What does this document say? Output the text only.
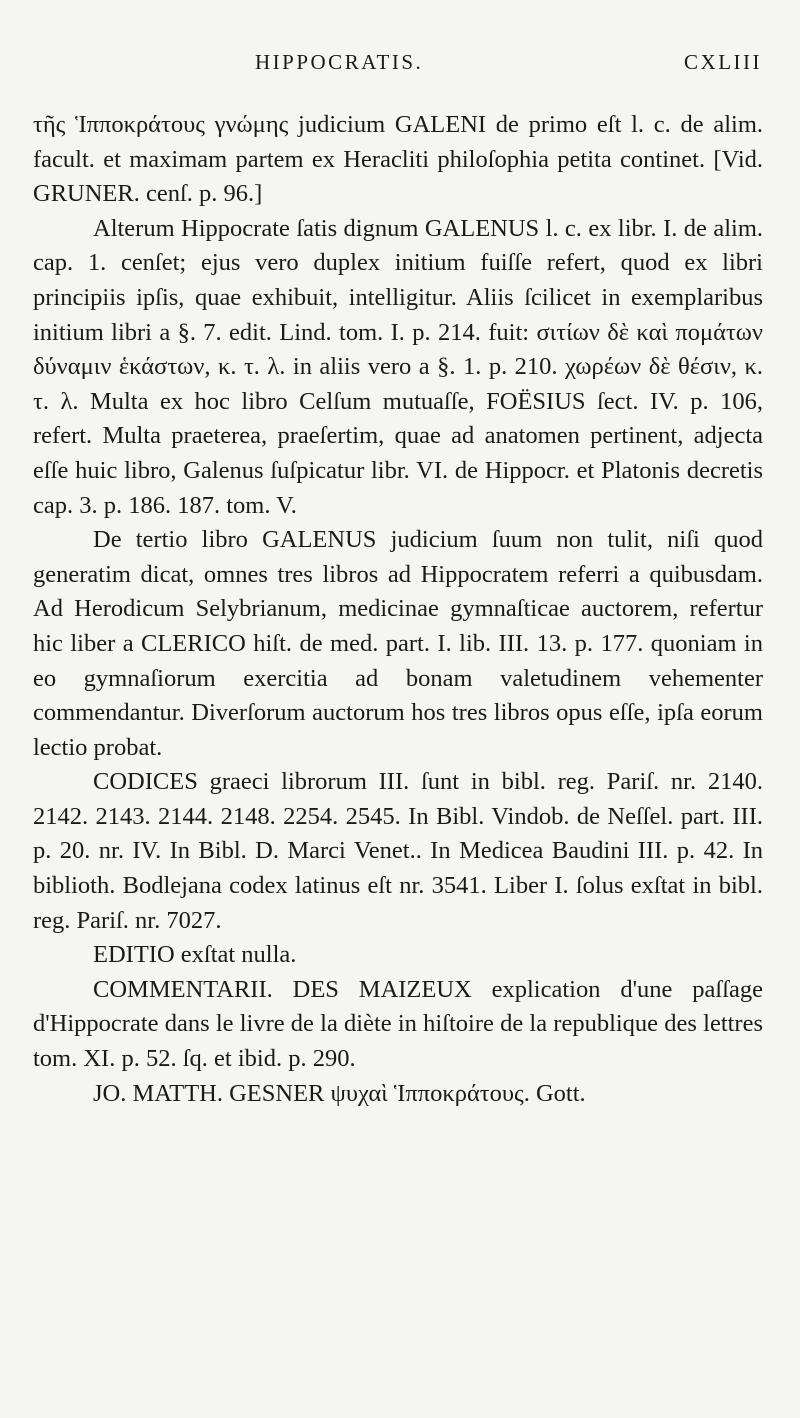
HIPPOCRATIS.	CXLIII

τῆς Ἱπποκράτους γνώμης judicium GALENI de primo eſt l. c. de alim. facult. et maximam partem ex Heracliti philoſophia petita continet. [Vid. GRUNER. cenſ. p. 96.]

Alterum Hippocrate ſatis dignum GALENUS l. c. ex libr. I. de alim. cap. 1. cenſet; ejus vero duplex initium fuiſſe refert, quod ex libri principiis ipſis, quae exhibuit, intelligitur. Aliis ſcilicet in exemplaribus initium libri a §. 7. edit. Lind. tom. I. p. 214. fuit: σιτίων δὲ καὶ πομάτων δύναμιν ἑκάστων, κ. τ. λ. in aliis vero a §. 1. p. 210. χωρέων δὲ θέσιν, κ. τ. λ. Multa ex hoc libro Celſum mutuaſſe, FOËSIUS ſect. IV. p. 106, refert. Multa praeterea, praeſertim, quae ad anatomen pertinent, adjecta eſſe huic libro, Galenus ſuſpicatur libr. VI. de Hippocr. et Platonis decretis cap. 3. p. 186. 187. tom. V.

De tertio libro GALENUS judicium ſuum non tulit, niſi quod generatim dicat, omnes tres libros ad Hippocratem referri a quibusdam. Ad Herodicum Selybrianum, medicinae gymnaſticae auctorem, refertur hic liber a CLERICO hiſt. de med. part. I. lib. III. 13. p. 177. quoniam in eo gymnaſiorum exercitia ad bonam valetudinem vehementer commendantur. Diverſorum auctorum hos tres libros opus eſſe, ipſa eorum lectio probat.

CODICES graeci librorum III. ſunt in bibl. reg. Pariſ. nr. 2140. 2142. 2143. 2144. 2148. 2254. 2545. In Bibl. Vindob. de Neſſel. part. III. p. 20. nr. IV. In Bibl. D. Marci Venet.. In Medicea Baudini III. p. 42. In biblioth. Bodlejana codex latinus eſt nr. 3541. Liber I. ſolus exſtat in bibl. reg. Pariſ. nr. 7027.

EDITIO exſtat nulla.

COMMENTARII. DES MAIZEUX explication d'une paſſage d'Hippocrate dans le livre de la diète in hiſtoire de la republique des lettres tom. XI. p. 52. ſq. et ibid. p. 290.

JO. MATTH. GESNER ψυχαὶ Ἱπποκράτους. Gott.
